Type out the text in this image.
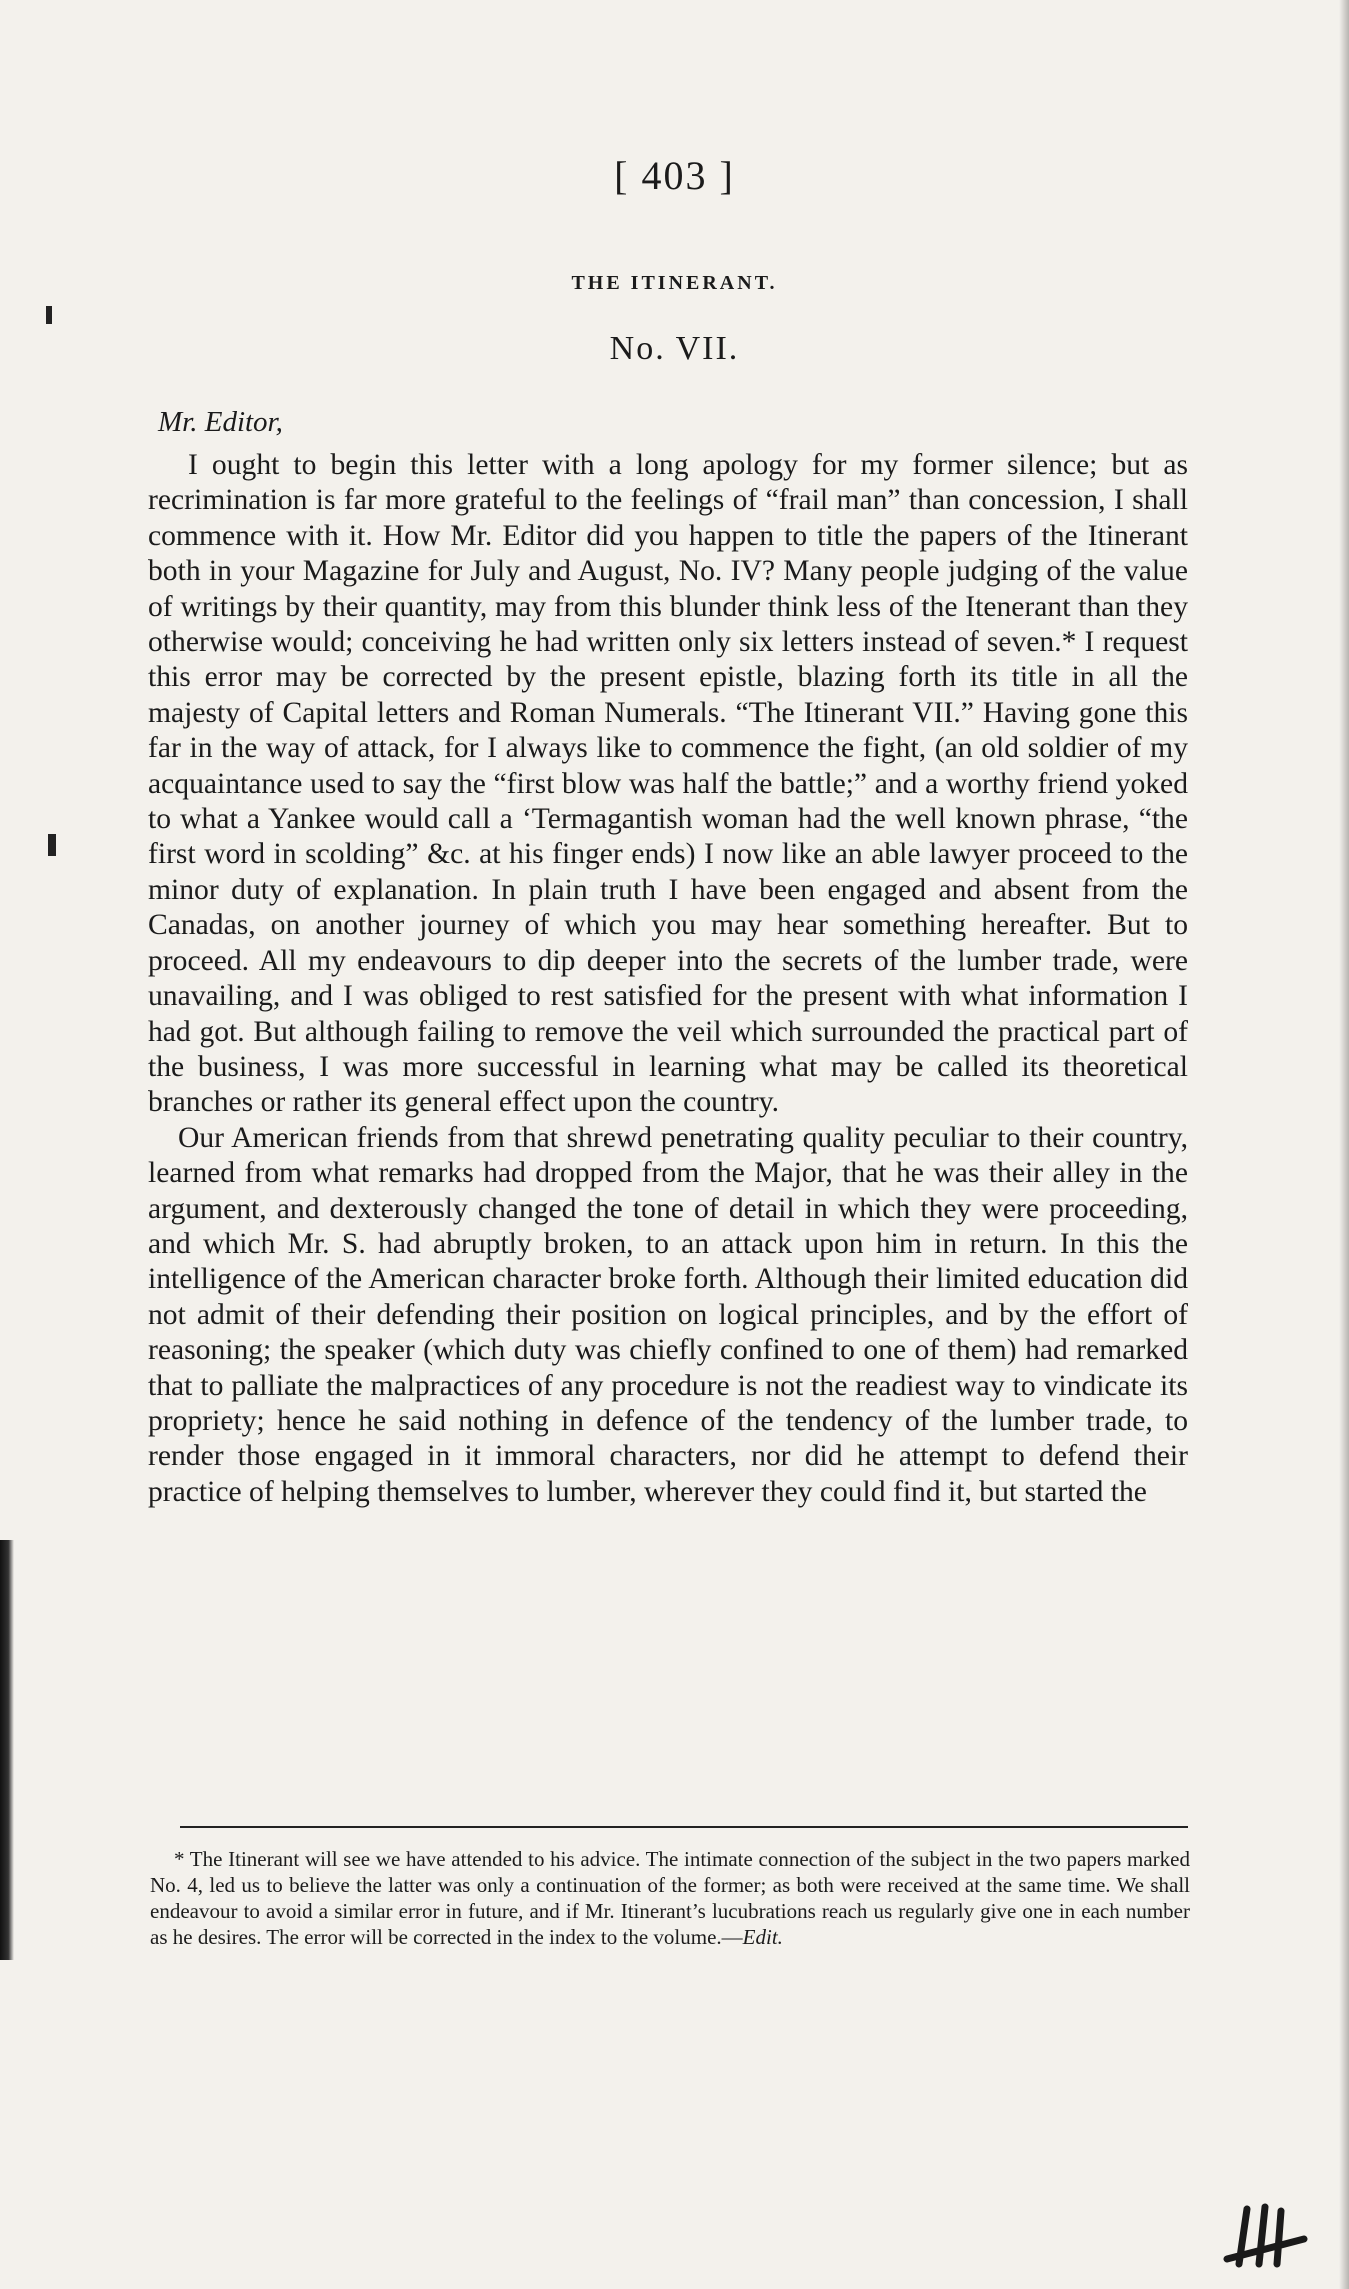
[ 403 ]
THE ITINERANT.
No. VII.
Mr. Editor,

I ought to begin this letter with a long apology for my former silence; but as recrimination is far more grateful to the feelings of “frail man” than concession, I shall commence with it. How Mr. Editor did you happen to title the papers of the Itinerant both in your Magazine for July and August, No. IV? Many people judging of the value of writings by their quantity, may from this blunder think less of the Itenerant than they otherwise would; conceiving he had written only six letters instead of seven.* I request this error may be corrected by the present epistle, blazing forth its title in all the majesty of Capital letters and Roman Numerals. “The Itinerant VII.” Having gone this far in the way of attack, for I always like to commence the fight, (an old soldier of my acquaintance used to say the “first blow was half the battle;” and a worthy friend yoked to what a Yankee would call a ‘Termagantish woman had the well known phrase, “the first word in scolding” &c. at his finger ends) I now like an able lawyer proceed to the minor duty of explanation. In plain truth I have been engaged and absent from the Canadas, on another journey of which you may hear something hereafter. But to proceed. All my endeavours to dip deeper into the secrets of the lumber trade, were unavailing, and I was obliged to rest satisfied for the present with what information I had got. But although failing to remove the veil which surrounded the practical part of the business, I was more successful in learning what may be called its theoretical branches or rather its general effect upon the country.

Our American friends from that shrewd penetrating quality peculiar to their country, learned from what remarks had dropped from the Major, that he was their alley in the argument, and dexterously changed the tone of detail in which they were proceeding, and which Mr. S. had abruptly broken, to an attack upon him in return. In this the intelligence of the American character broke forth. Although their limited education did not admit of their defending their position on logical principles, and by the effort of reasoning; the speaker (which duty was chiefly confined to one of them) had remarked that to palliate the malpractices of any procedure is not the readiest way to vindicate its propriety; hence he said nothing in defence of the tendency of the lumber trade, to render those engaged in it immoral characters, nor did he attempt to defend their practice of helping themselves to lumber, wherever they could find it, but started the

* The Itinerant will see we have attended to his advice. The intimate connection of the subject in the two papers marked No. 4, led us to believe the latter was only a continuation of the former; as both were received at the same time. We shall endeavour to avoid a similar error in future, and if Mr. Itinerant’s lucubrations reach us regularly give one in each number as he desires. The error will be corrected in the index to the volume.—Edit.
